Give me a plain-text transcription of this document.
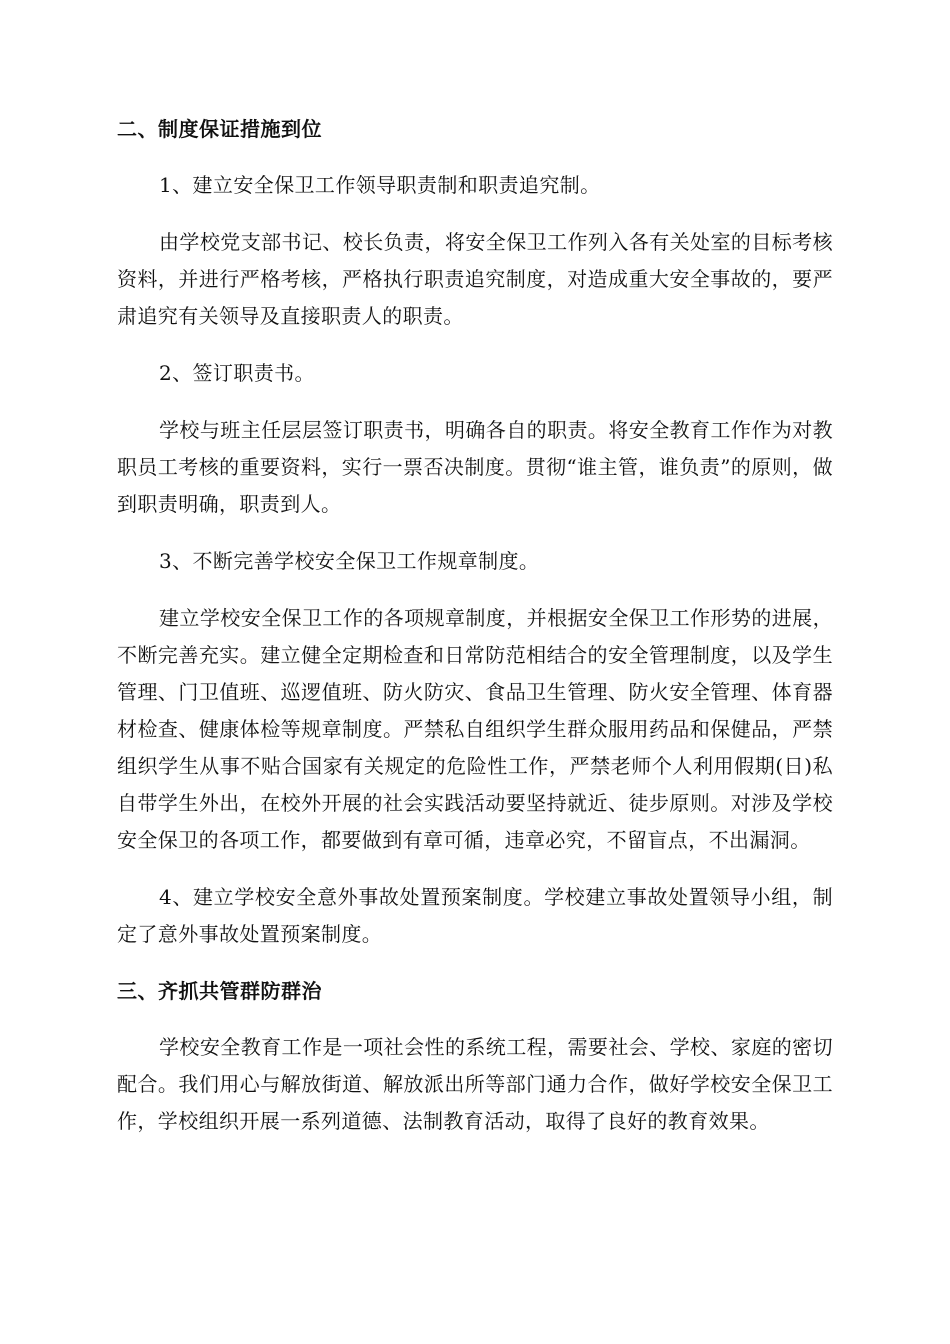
二、制度保证措施到位

1、建立安全保卫工作领导职责制和职责追究制。

由学校党支部书记、校长负责，将安全保卫工作列入各有关处室的目标考核资料，并进行严格考核，严格执行职责追究制度，对造成重大安全事故的，要严肃追究有关领导及直接职责人的职责。

2、签订职责书。

学校与班主任层层签订职责书，明确各自的职责。将安全教育工作作为对教职员工考核的重要资料，实行一票否决制度。贯彻“谁主管，谁负责”的原则，做到职责明确，职责到人。

3、不断完善学校安全保卫工作规章制度。

建立学校安全保卫工作的各项规章制度，并根据安全保卫工作形势的进展，不断完善充实。建立健全定期检查和日常防范相结合的安全管理制度，以及学生管理、门卫值班、巡逻值班、防火防灾、食品卫生管理、防火安全管理、体育器材检查、健康体检等规章制度。严禁私自组织学生群众服用药品和保健品，严禁组织学生从事不贴合国家有关规定的危险性工作，严禁老师个人利用假期(日)私自带学生外出，在校外开展的社会实践活动要坚持就近、徒步原则。对涉及学校安全保卫的各项工作，都要做到有章可循，违章必究，不留盲点，不出漏洞。

4、建立学校安全意外事故处置预案制度。学校建立事故处置领导小组，制定了意外事故处置预案制度。

三、齐抓共管群防群治

学校安全教育工作是一项社会性的系统工程，需要社会、学校、家庭的密切配合。我们用心与解放街道、解放派出所等部门通力合作，做好学校安全保卫工作，学校组织开展一系列道德、法制教育活动，取得了良好的教育效果。
